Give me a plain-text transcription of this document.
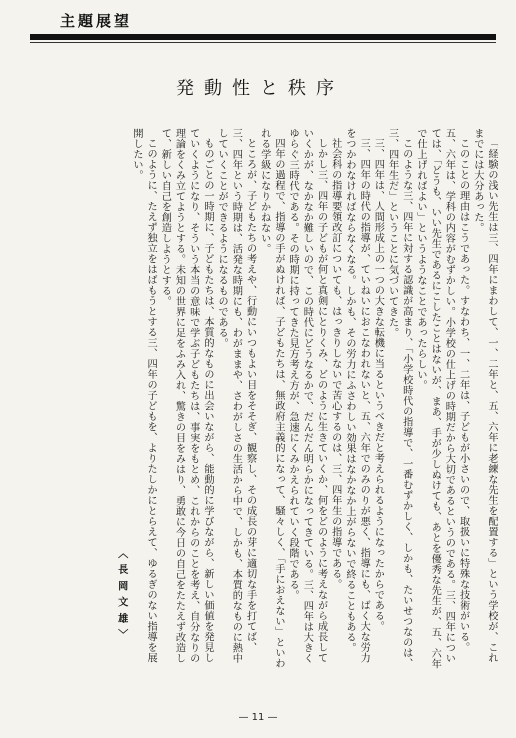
主題展望
発動性と秩序

「経験の浅い先生は三、四年にまわして、一、二年と、五、六年に老練な先生を配置する」という学校が、これまでには大分あった。

このことの理由はこうであった。すなわち、一、二年は、子どもが小さいので、取扱いに特殊な技術がいる。五、六年は、学科の内容がむずかしい。小学校の仕上げの時期だから大切であるというのである。三、四年については、「どうも、いい先生であるにこしたことはないが、まあ、手が少しぬけても、あとを優秀な先生が、五、六年で仕上げればよい」というようなことであったらしい。

このような三、四年に対する認識が高まり、「小学校時代の指導で、一番むずかしく、しかも、たいせつなのは、三、四年生だ」ということに気づいてきた。

三、四年は、人間形成上の一つの大きな転機に当るというべきだと考えられるようになったからである。

三、四年の時代の指導が、ていねいにおこなわれないと、五、六年でのみのりが悪く、指導にも、ばく大な労力をつかわなければならなくなる。しかも、その労力にふさわしい効果はなかなか上がらないで終ることもある。

社会科の指導要領改訂についても、はっきりしないで苦心するのは、三、四年生の指導である。

しかし三、四年の子どもが何と真剣にとりくみ、どのように生きていくか、何をどのように考えながら成長していくかが、なかなか難しいので、この時代にどうなるかで、だんだん明らかになってきている。三、四年は大きくゆらぐ三時代である。その時期に持ってきた見方考え方が、急速にくみかえられていく段階である。

四年の過程で、指導の手がぬければ、子どもたちは、無政府主義的になって、騒々しく、「手におえない」といわれる学級になりかねない。

ところが、子どもたちの考えや、行動にいつもよい目をそそぎ、観察し、その成長の芽に適切な手を打てば、三、四年という時期は、活発な時期にも、わがままや、さわがしさの生活から中で、しかも、本質的なものに熱中していくことができるようになるものである。

ものごとの一時期に、子どもたちは、本質的なものに出会いながら、能動的に学びながら、新しい価値を発見していくようになり、そういう本当の意味で学ぶ子どもたちは、事実をもとめ、これからのことを考え、自分なりの理論をくみ立てようとする。未知の世界に足をふみ入れ、驚きの目をみはり、勇敢に今日の自己をたたえず改造して、新しい自己を創造しようとする。

このように、たえず独立をはばもうとする三、四年の子どもを、よりたしかにとらえて、ゆるぎのない指導を展開したい。

〈長岡文雄〉
— 11 —
